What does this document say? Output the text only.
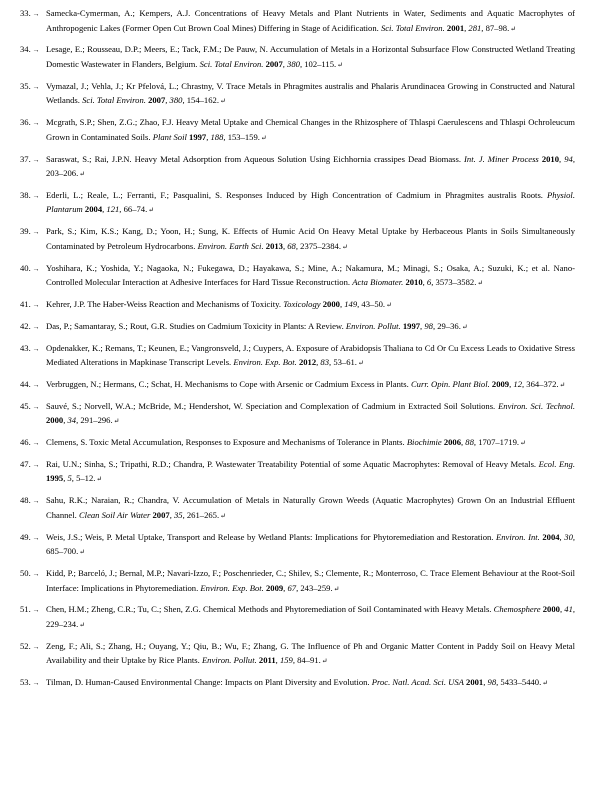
33. →	Samecka-Cymerman, A.; Kempers, A.J. Concentrations of Heavy Metals and Plant Nutrients in Water, Sediments and Aquatic Macrophytes of Anthropogenic Lakes (Former Open Cut Brown Coal Mines) Differing in Stage of Acidification. Sci. Total Environ. 2001, 281, 87–98. ↵
34. →	Lesage, E.; Rousseau, D.P.; Meers, E.; Tack, F.M.; De Pauw, N. Accumulation of Metals in a Horizontal Subsurface Flow Constructed Wetland Treating Domestic Wastewater in Flanders, Belgium. Sci. Total Environ. 2007, 380, 102–115. ↵
35. →	Vymazal, J.; Vehla, J.; Kr Pfelová, L.; Chrastny, V. Trace Metals in Phragmites australis and Phalaris Arundinacea Growing in Constructed and Natural Wetlands. Sci. Total Environ. 2007, 380, 154–162. ↵
36. →	Mcgrath, S.P.; Shen, Z.G.; Zhao, F.J. Heavy Metal Uptake and Chemical Changes in the Rhizosphere of Thlaspi Caerulescens and Thlaspi Ochroleucum Grown in Contaminated Soils. Plant Soil 1997, 188, 153–159. ↵
37. →	Saraswat, S.; Rai, J.P.N. Heavy Metal Adsorption from Aqueous Solution Using Eichhornia crassipes Dead Biomass. Int. J. Miner Process 2010, 94, 203–206. ↵
38. →	Ederli, L.; Reale, L.; Ferranti, F.; Pasqualini, S. Responses Induced by High Concentration of Cadmium in Phragmites australis Roots. Physiol. Plantarum 2004, 121, 66–74. ↵
39. →	Park, S.; Kim, K.S.; Kang, D.; Yoon, H.; Sung, K. Effects of Humic Acid On Heavy Metal Uptake by Herbaceous Plants in Soils Simultaneously Contaminated by Petroleum Hydrocarbons. Environ. Earth Sci. 2013, 68, 2375–2384. ↵
40. →	Yoshihara, K.; Yoshida, Y.; Nagaoka, N.; Fukegawa, D.; Hayakawa, S.; Mine, A.; Nakamura, M.; Minagi, S.; Osaka, A.; Suzuki, K.; et al. Nano-Controlled Molecular Interaction at Adhesive Interfaces for Hard Tissue Reconstruction. Acta Biomater. 2010, 6, 3573–3582. ↵
41. →	Kehrer, J.P. The Haber-Weiss Reaction and Mechanisms of Toxicity. Toxicology 2000, 149, 43–50. ↵
42. →	Das, P.; Samantaray, S.; Rout, G.R. Studies on Cadmium Toxicity in Plants: A Review. Environ. Pollut. 1997, 98, 29–36. ↵
43. →	Opdenakker, K.; Remans, T.; Keunen, E.; Vangronsveld, J.; Cuypers, A. Exposure of Arabidopsis Thaliana to Cd Or Cu Excess Leads to Oxidative Stress Mediated Alterations in Mapkinase Transcript Levels. Environ. Exp. Bot. 2012, 83, 53–61. ↵
44. →	Verbruggen, N.; Hermans, C.; Schat, H. Mechanisms to Cope with Arsenic or Cadmium Excess in Plants. Curr. Opin. Plant Biol. 2009, 12, 364–372. ↵
45. →	Sauvé, S.; Norvell, W.A.; McBride, M.; Hendershot, W. Speciation and Complexation of Cadmium in Extracted Soil Solutions. Environ. Sci. Technol. 2000, 34, 291–296. ↵
46. →	Clemens, S. Toxic Metal Accumulation, Responses to Exposure and Mechanisms of Tolerance in Plants. Biochimie 2006, 88, 1707–1719. ↵
47. →	Rai, U.N.; Sinha, S.; Tripathi, R.D.; Chandra, P. Wastewater Treatability Potential of some Aquatic Macrophytes: Removal of Heavy Metals. Ecol. Eng. 1995, 5, 5–12. ↵
48. →	Sahu, R.K.; Naraian, R.; Chandra, V. Accumulation of Metals in Naturally Grown Weeds (Aquatic Macrophytes) Grown On an Industrial Effluent Channel. Clean Soil Air Water 2007, 35, 261–265. ↵
49. →	Weis, J.S.; Weis, P. Metal Uptake, Transport and Release by Wetland Plants: Implications for Phytoremediation and Restoration. Environ. Int. 2004, 30, 685–700. ↵
50. →	Kidd, P.; Barceló, J.; Bernal, M.P.; Navari-Izzo, F.; Poschenrieder, C.; Shilev, S.; Clemente, R.; Monterroso, C. Trace Element Behaviour at the Root-Soil Interface: Implications in Phytoremediation. Environ. Exp. Bot. 2009, 67, 243–259. ↵
51. →	Chen, H.M.; Zheng, C.R.; Tu, C.; Shen, Z.G. Chemical Methods and Phytoremediation of Soil Contaminated with Heavy Metals. Chemosphere 2000, 41, 229–234. ↵
52. →	Zeng, F.; Ali, S.; Zhang, H.; Ouyang, Y.; Qiu, B.; Wu, F.; Zhang, G. The Influence of Ph and Organic Matter Content in Paddy Soil on Heavy Metal Availability and their Uptake by Rice Plants. Environ. Pollut. 2011, 159, 84–91. ↵
53. →	Tilman, D. Human-Caused Environmental Change: Impacts on Plant Diversity and Evolution. Proc. Natl. Acad. Sci. USA 2001, 98, 5433–5440. ↵
